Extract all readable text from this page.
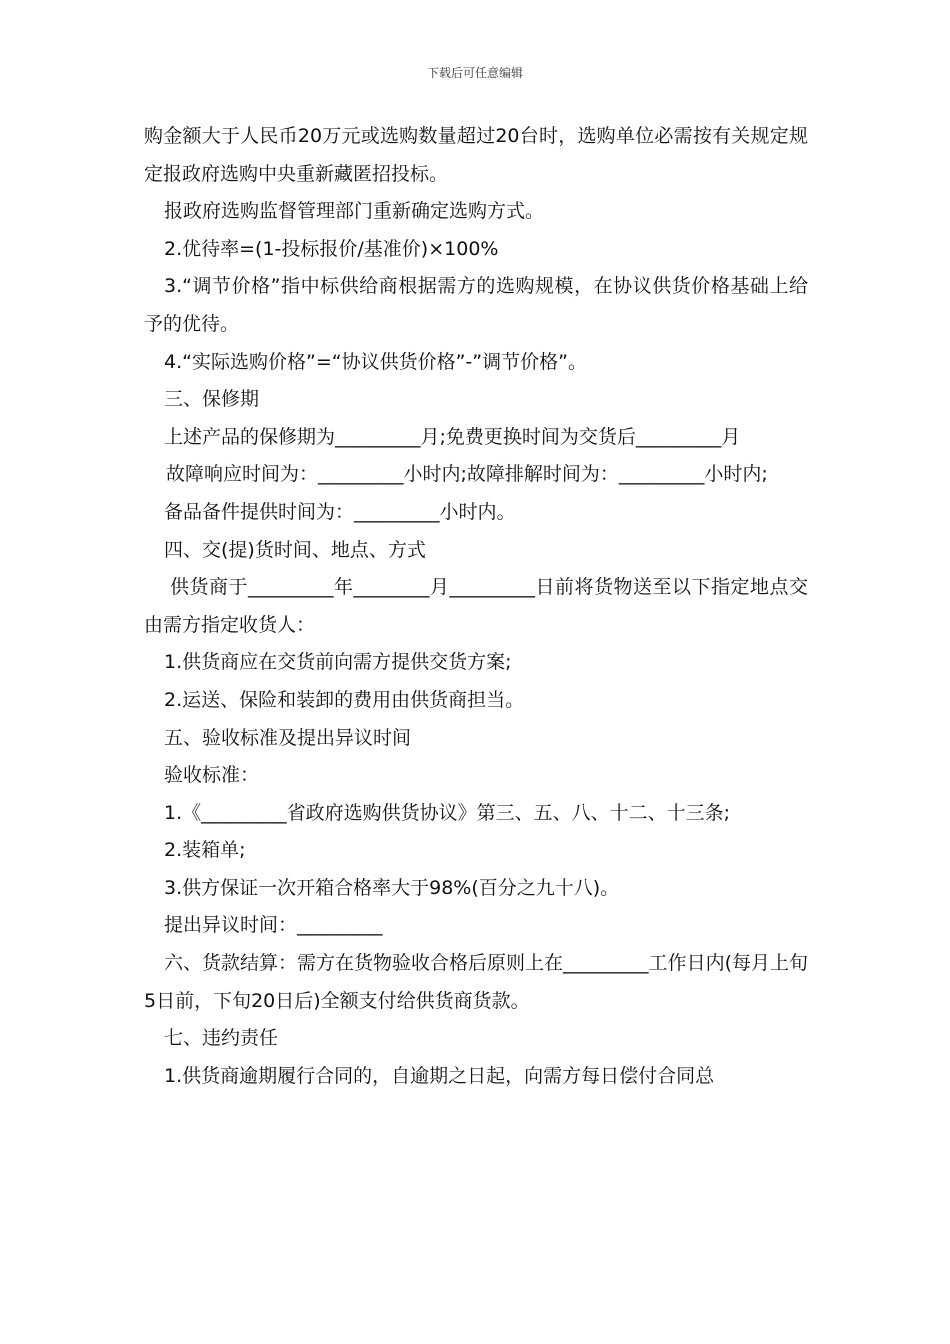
下载后可任意编辑

购金额大于人民币20万元或选购数量超过20台时，选购单位必需按有关规定规定报政府选购中央重新藏匿招投标。

报政府选购监督管理部门重新确定选购方式。

2.优待率=(1-投标报价/基准价)×100%

3.“调节价格”指中标供给商根据需方的选购规模，在协议供货价格基础上给予的优待。

4.“实际选购价格”=“协议供货价格”-”调节价格”。

三、保修期

上述产品的保修期为_________月;免费更换时间为交货后_________月

故障响应时间为：_________小时内;故障排解时间为：_________小时内;

备品备件提供时间为：_________小时内。

四、交(提)货时间、地点、方式

供货商于_________年________月_________日前将货物送至以下指定地点交由需方指定收货人：

1.供货商应在交货前向需方提供交货方案;

2.运送、保险和装卸的费用由供货商担当。

五、验收标准及提出异议时间

验收标准：

1.《_________省政府选购供货协议》第三、五、八、十二、十三条;

2.装箱单;

3.供方保证一次开箱合格率大于98%(百分之九十八)。

提出异议时间：_________

六、货款结算：需方在货物验收合格后原则上在_________工作日内(每月上旬5日前，下旬20日后)全额支付给供货商货款。

七、违约责任

1.供货商逾期履行合同的，自逾期之日起，向需方每日偿付合同总
